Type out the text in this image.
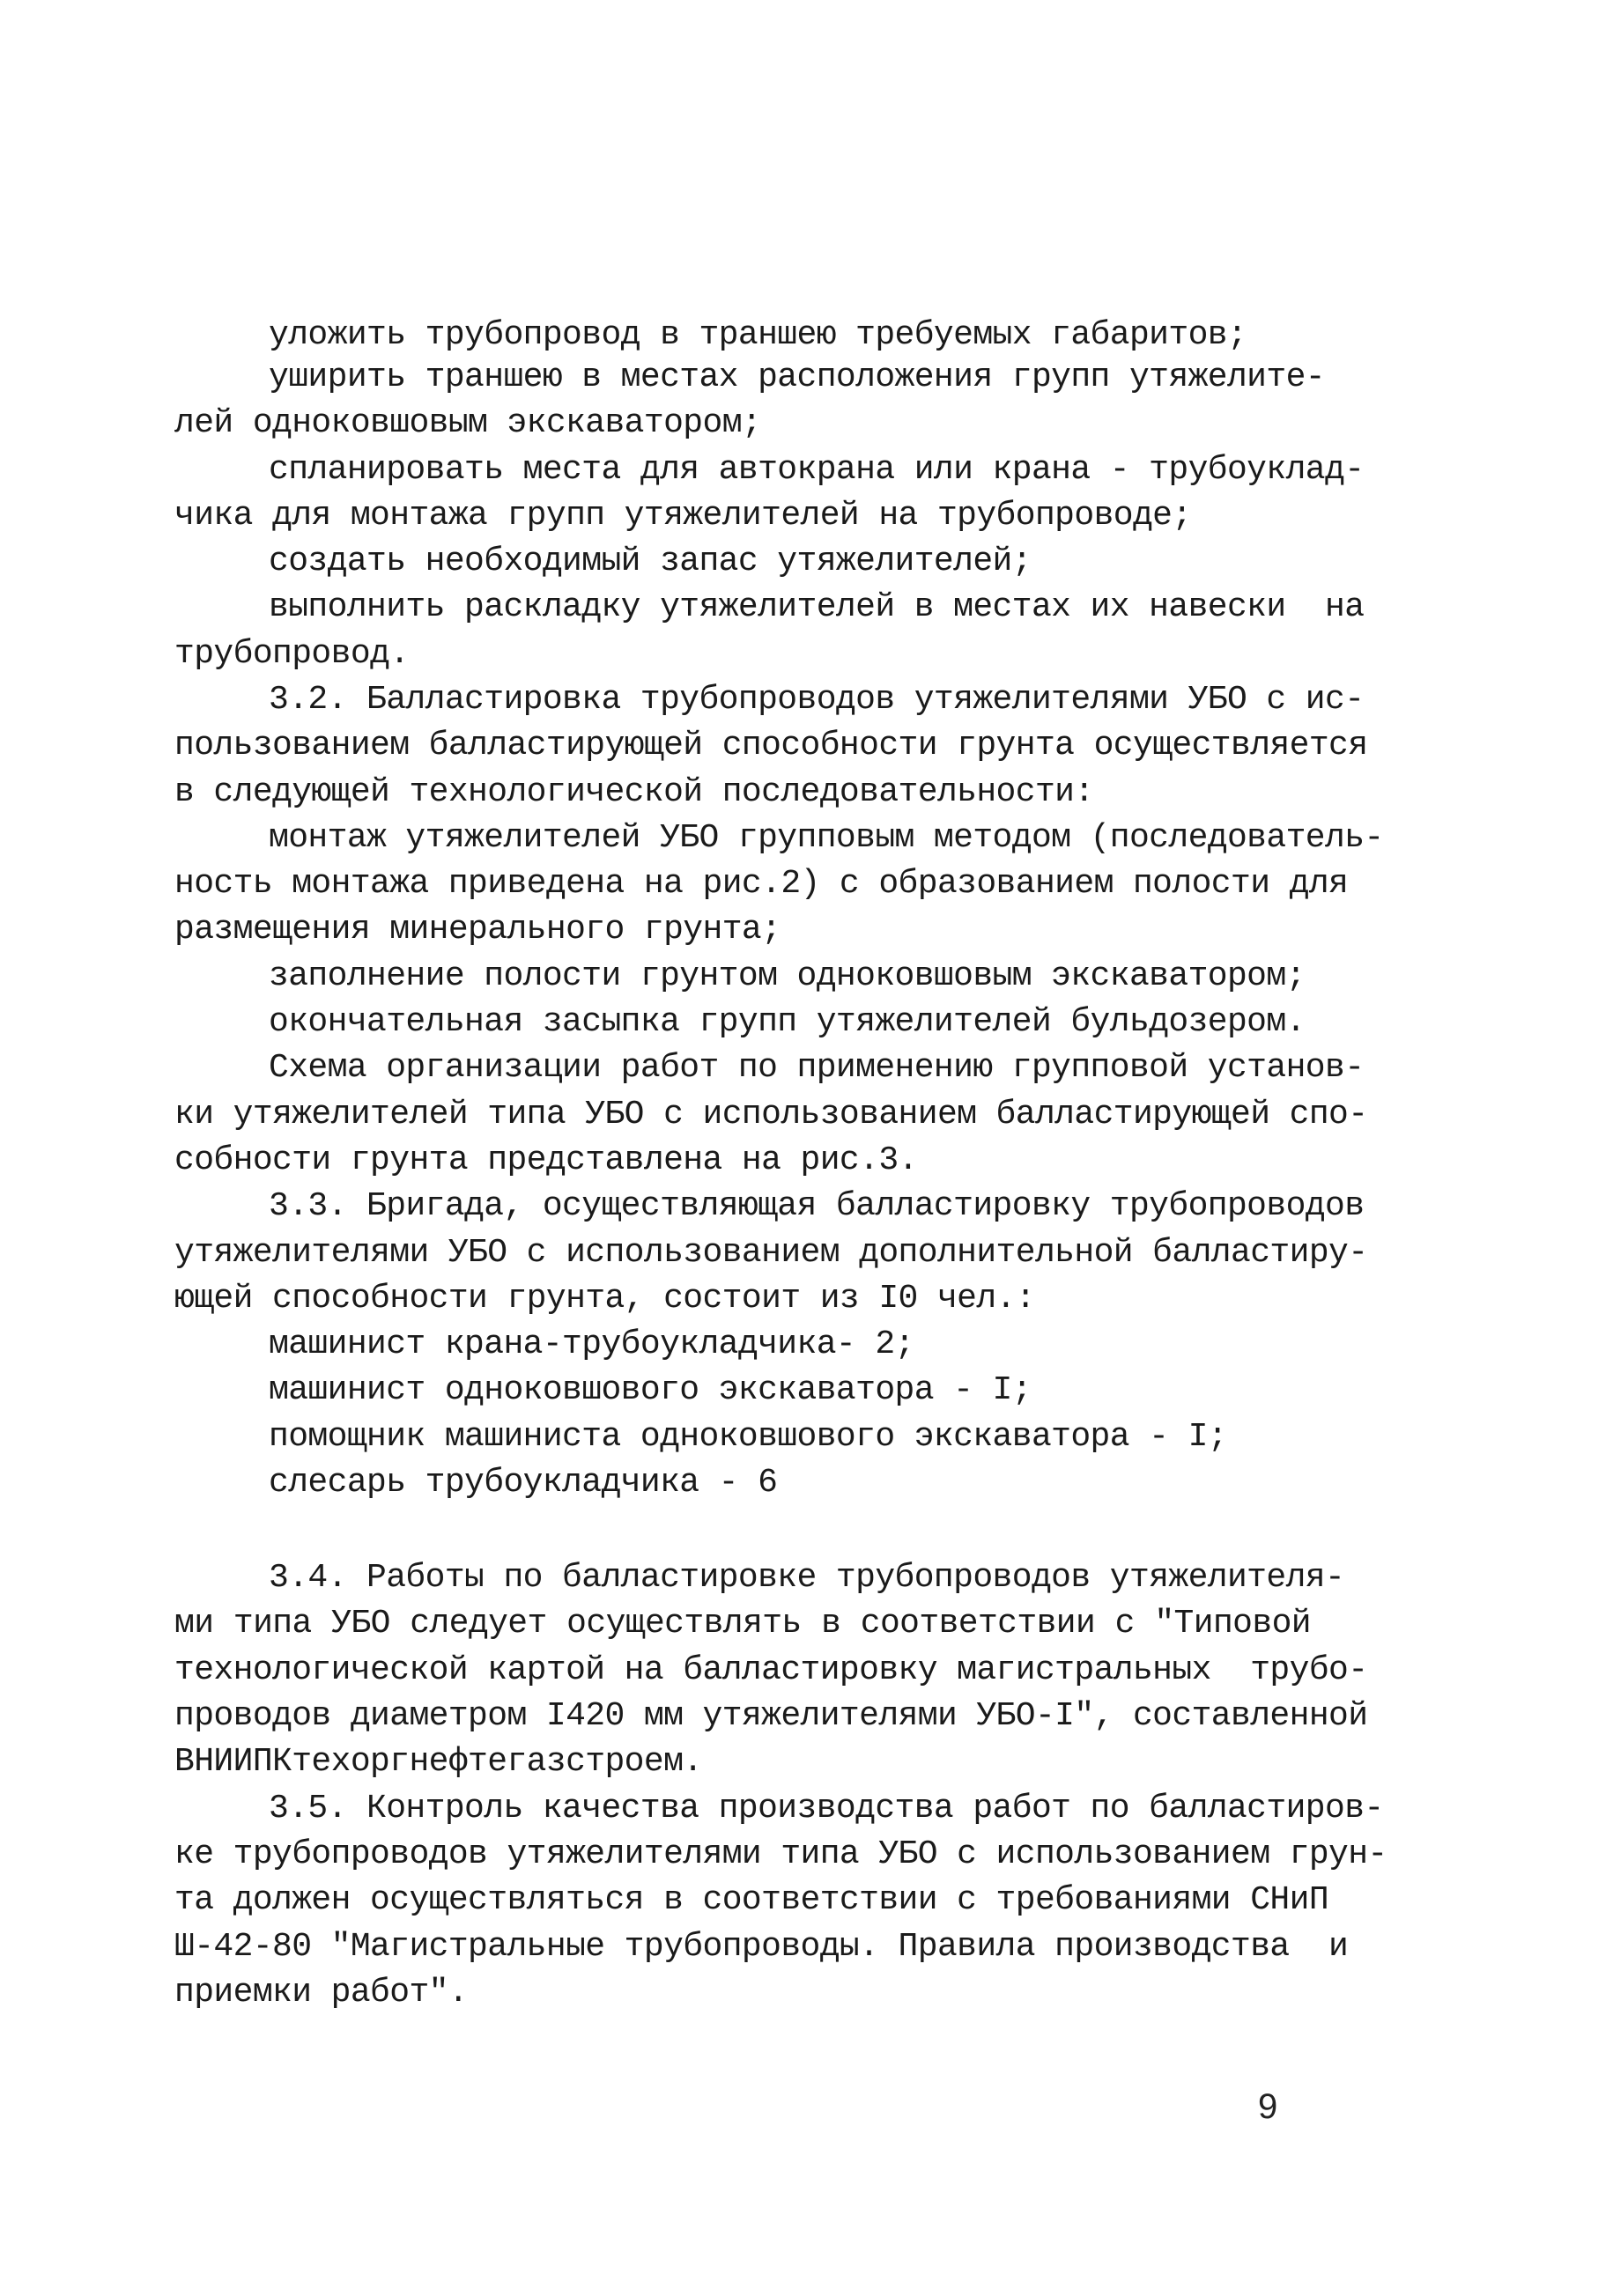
уложить трубопровод в траншею требуемых габаритов;
уширить траншею в местах расположения групп утяжелите-
лей одноковшовым экскаватором;
спланировать места для автокрана или крана - трубоуклад-
чика для монтажа групп утяжелителей на трубопроводе;
создать необходимый запас утяжелителей;
выполнить раскладку утяжелителей в местах их навески  на
трубопровод.
3.2. Балластировка трубопроводов утяжелителями УБО с ис-
пользованием балластирующей способности грунта осуществляется
в следующей технологической последовательности:
монтаж утяжелителей УБО групповым методом (последователь-
ность монтажа приведена на рис.2) с образованием полости для
размещения минерального грунта;
заполнение полости грунтом одноковшовым экскаватором;
окончательная засыпка групп утяжелителей бульдозером.
Схема организации работ по применению групповой установ-
ки утяжелителей типа УБО с использованием балластирующей спо-
собности грунта представлена на рис.3.
3.3. Бригада, осуществляющая балластировку трубопроводов
утяжелителями УБО с использованием дополнительной балластиру-
ющей способности грунта, состоит из I0 чел.:
машинист крана-трубоукладчика- 2;
машинист одноковшового экскаватора - I;
помощник машиниста одноковшового экскаватора - I;
слесарь трубоукладчика - 6
3.4. Работы по балластировке трубопроводов утяжелителя-
ми типа УБО следует осуществлять в соответствии с "Типовой
технологической картой на балластировку магистральных  трубо-
проводов диаметром I420 мм утяжелителями УБО-I", составленной
ВНИИПКтехоргнефтегазстроем.
3.5. Контроль качества производства работ по балластиров-
ке трубопроводов утяжелителями типа УБО с использованием грун-
та должен осуществляться в соответствии с требованиями СНиП
Ш-42-80 "Магистральные трубопроводы. Правила производства  и
приемки работ".
9
